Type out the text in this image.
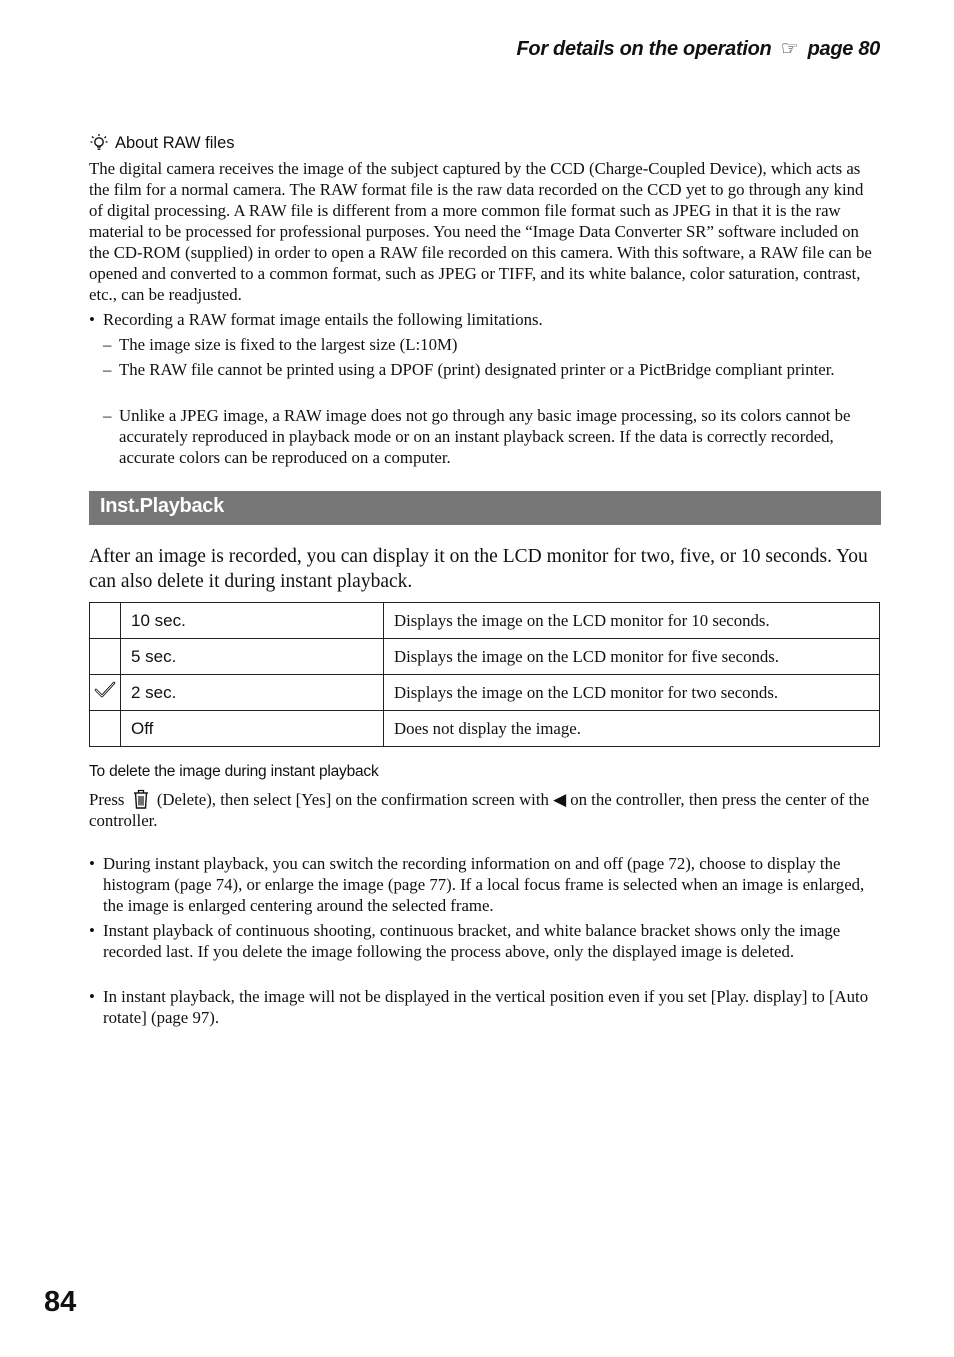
For details on the operation ☞ page 80
About RAW files
The digital camera receives the image of the subject captured by the CCD (Charge-Coupled Device), which acts as the film for a normal camera. The RAW format file is the raw data recorded on the CCD yet to go through any kind of digital processing. A RAW file is different from a more common file format such as JPEG in that it is the raw material to be processed for professional purposes. You need the “Image Data Converter SR” software included on the CD-ROM (supplied) in order to open a RAW file recorded on this camera. With this software, a RAW file can be opened and converted to a common format, such as JPEG or TIFF, and its white balance, color saturation, contrast, etc., can be readjusted.
• Recording a RAW format image entails the following limitations.
– The image size is fixed to the largest size (L:10M)
– The RAW file cannot be printed using a DPOF (print) designated printer or a PictBridge compliant printer.
– Unlike a JPEG image, a RAW image does not go through any basic image processing, so its colors cannot be accurately reproduced in playback mode or on an instant playback screen. If the data is correctly recorded, accurate colors can be reproduced on a computer.
Inst.Playback
After an image is recorded, you can display it on the LCD monitor for two, five, or 10 seconds. You can also delete it during instant playback.
	10 sec.	Displays the image on the LCD monitor for 10 seconds.
	5 sec.	Displays the image on the LCD monitor for five seconds.
	2 sec.	Displays the image on the LCD monitor for two seconds.
	Off	Does not display the image.
To delete the image during instant playback
Press (Delete), then select [Yes] on the confirmation screen with ◀ on the controller, then press the center of the controller.
• During instant playback, you can switch the recording information on and off (page 72), choose to display the histogram (page 74), or enlarge the image (page 77). If a local focus frame is selected when an image is enlarged, the image is enlarged centering around the selected frame.
• Instant playback of continuous shooting, continuous bracket, and white balance bracket shows only the image recorded last. If you delete the image following the process above, only the displayed image is deleted.
• In instant playback, the image will not be displayed in the vertical position even if you set [Play. display] to [Auto rotate] (page 97).
84
